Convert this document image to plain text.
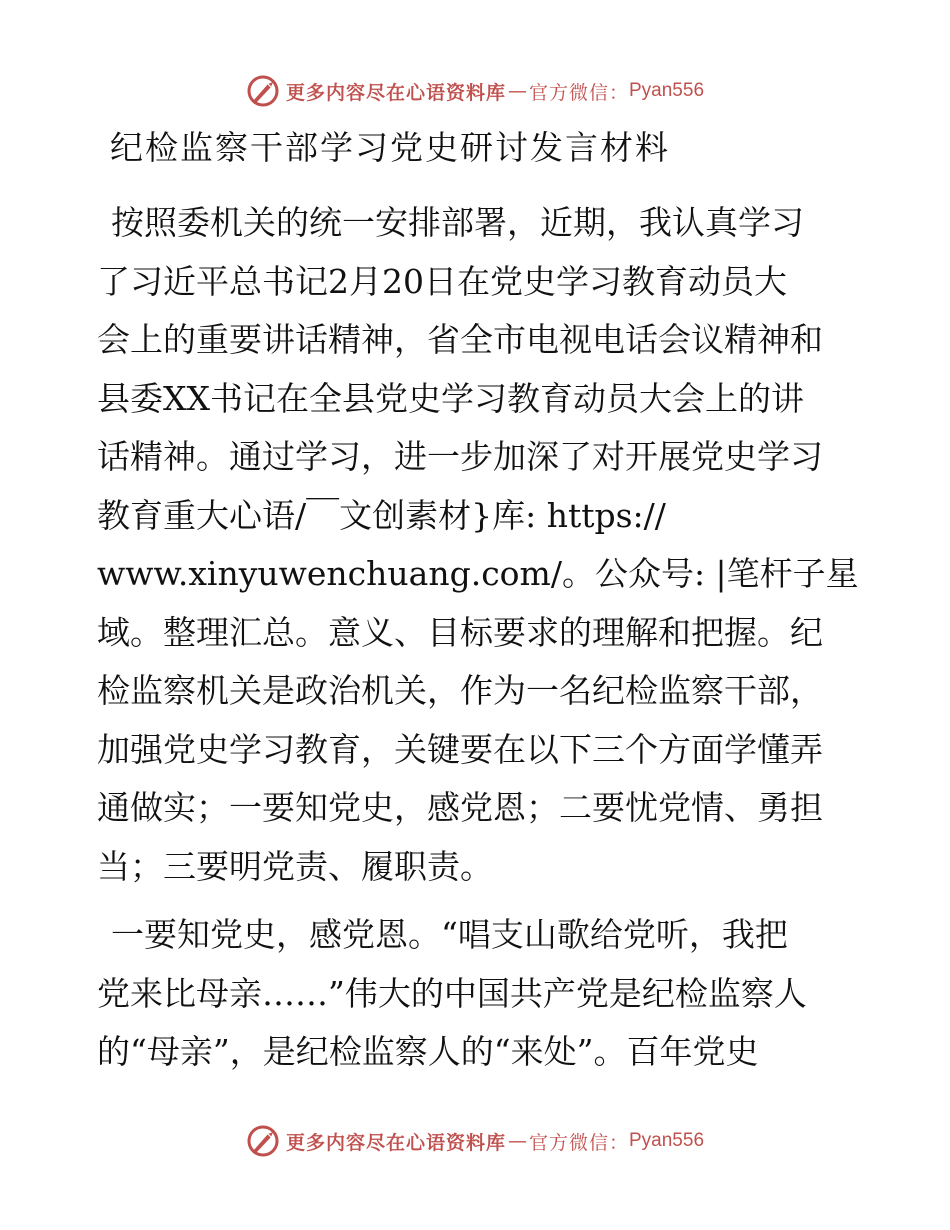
更多内容尽在心语资料库 — 官方微信： Pyan556
纪检监察干部学习党史研讨发言材料
按照委机关的统一安排部署，近期，我认真学习
了习近平总书记2月20日在党史学习教育动员大
会上的重要讲话精神，省全市电视电话会议精神和
县委XX书记在全县党史学习教育动员大会上的讲
话精神。通过学习，进一步加深了对开展党史学习
教育重大心语/￣文创素材}库: https://
www.xinyuwenchuang.com/。公众号: |笔杆子星
域。整理汇总。意义、目标要求的理解和把握。纪
检监察机关是政治机关，作为一名纪检监察干部，
加强党史学习教育，关键要在以下三个方面学懂弄
通做实；一要知党史，感党恩；二要忧党情、勇担
当；三要明党责、履职责。
一要知党史，感党恩。“唱支山歌给党听，我把
党来比母亲……”伟大的中国共产党是纪检监察人
的“母亲”，是纪检监察人的“来处”。百年党史
更多内容尽在心语资料库 — 官方微信： Pyan556
